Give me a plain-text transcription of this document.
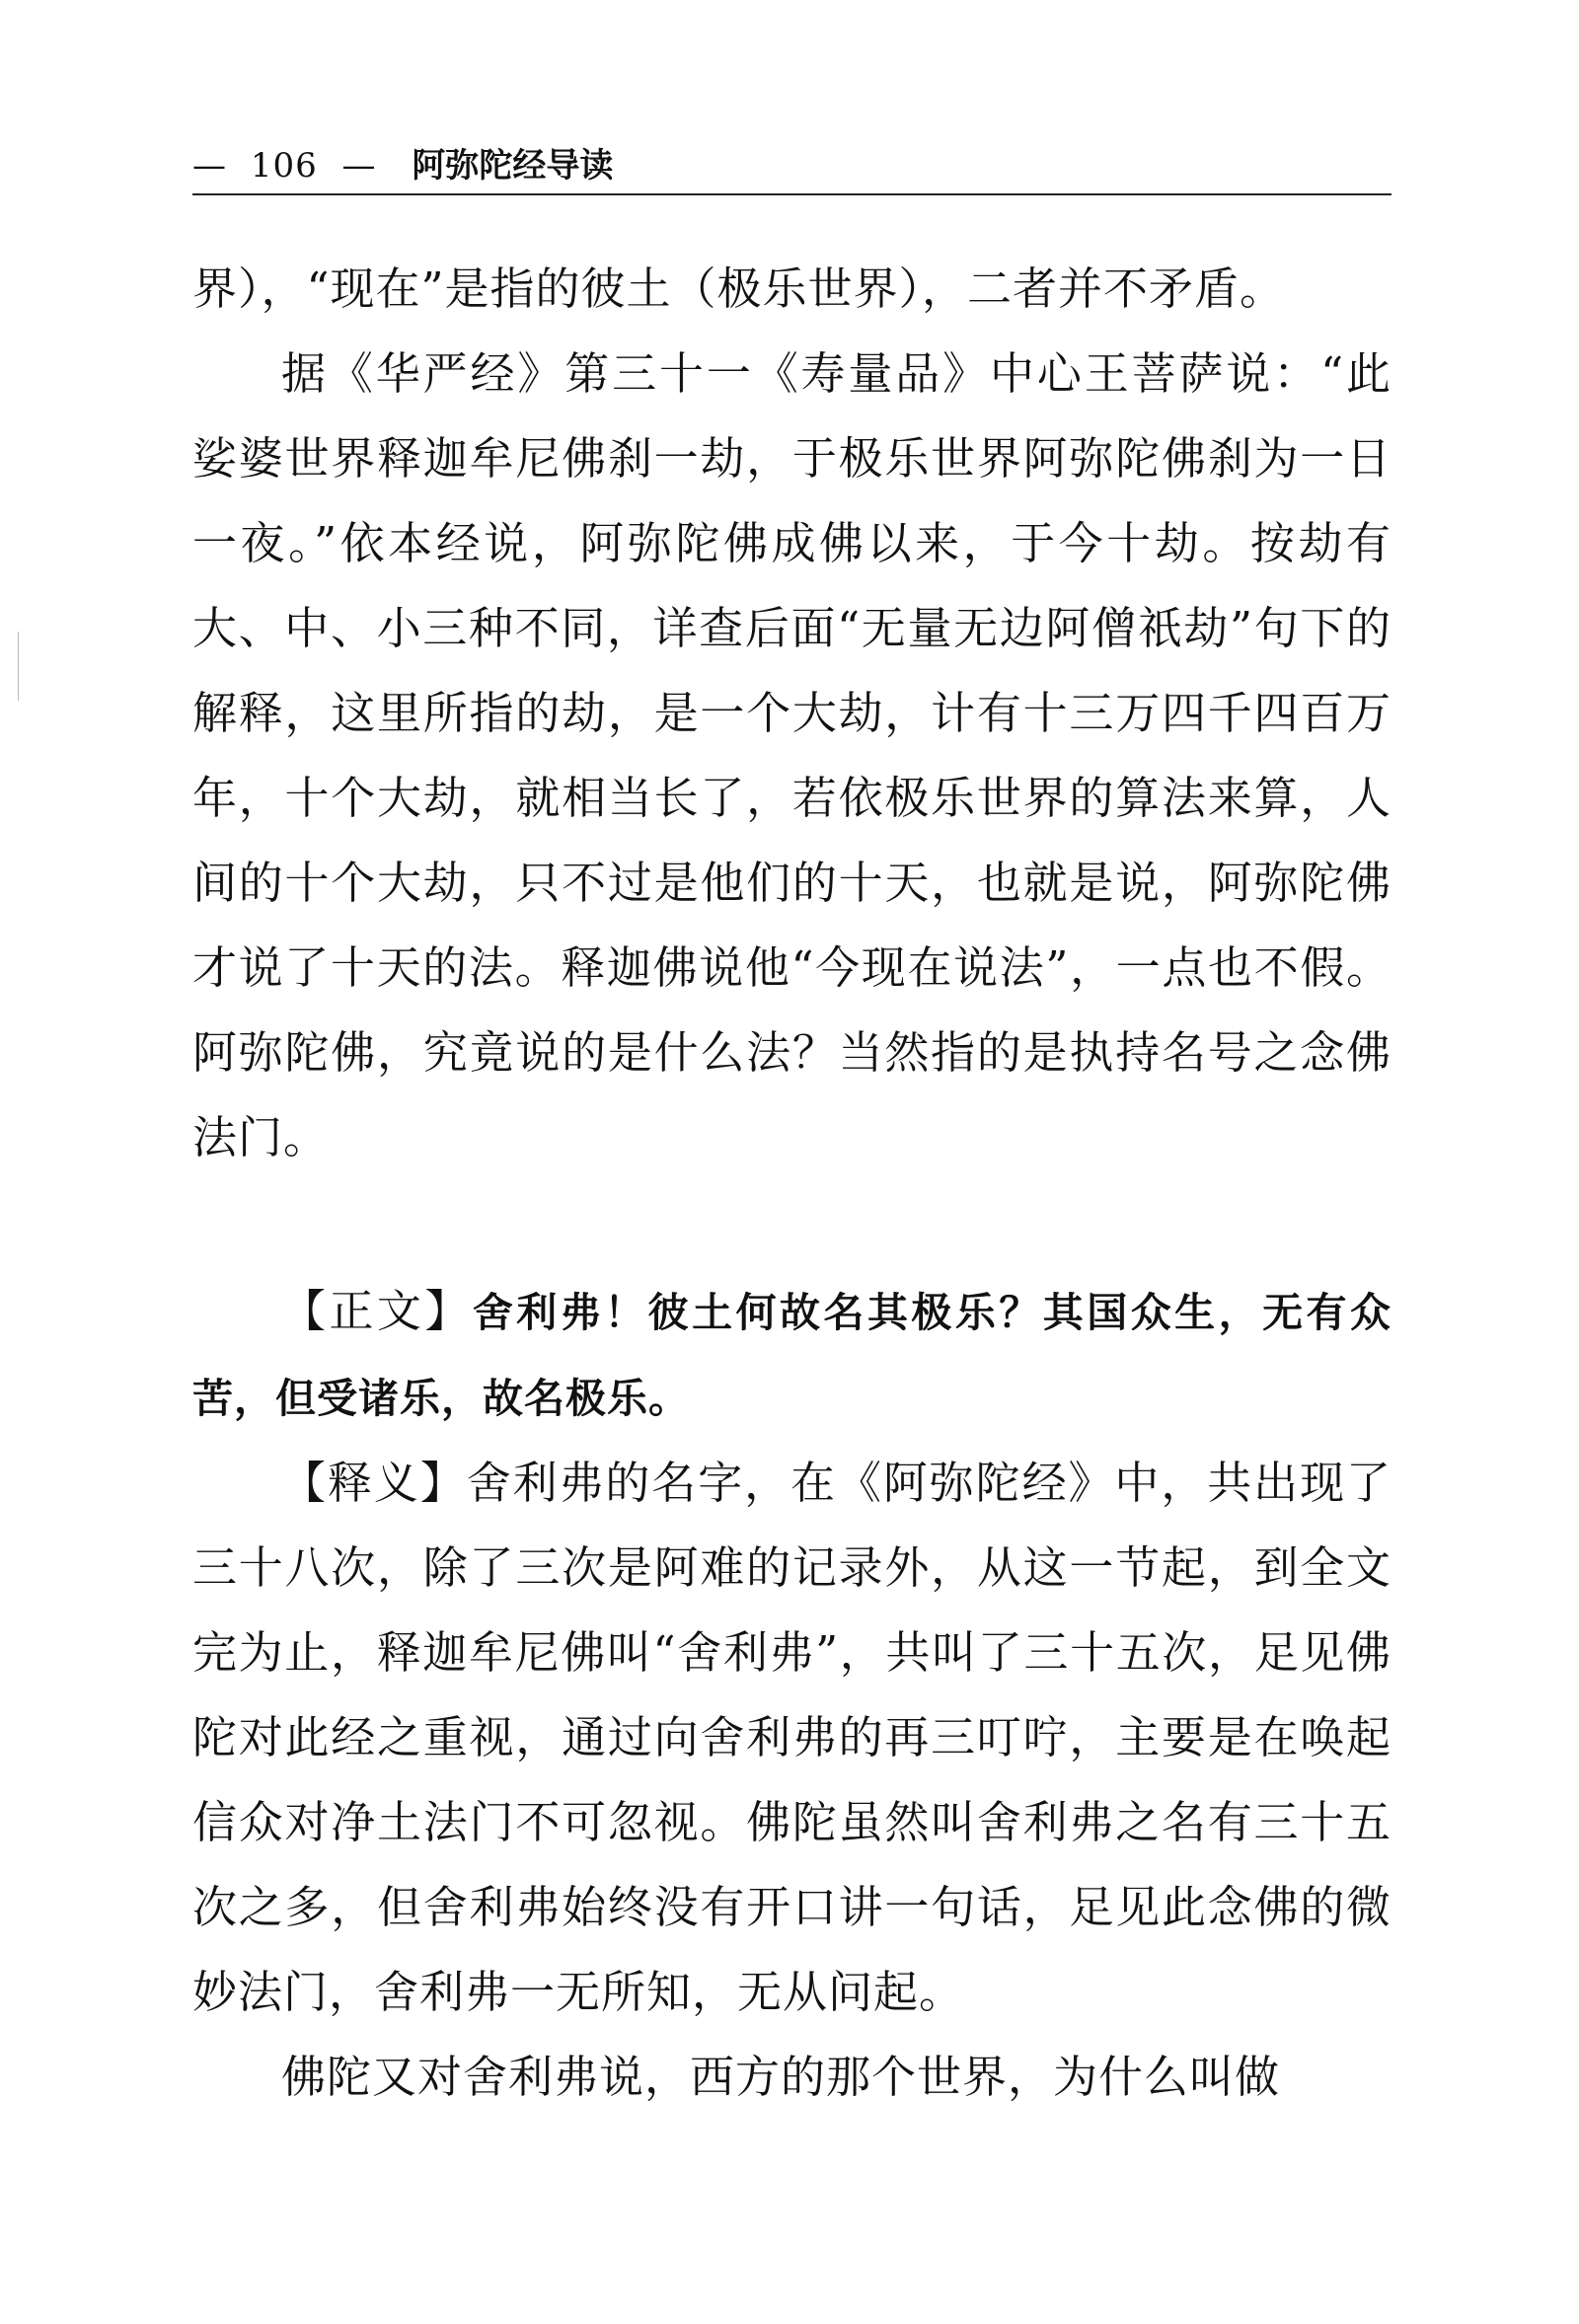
— 106 — 阿弥陀经导读

界），“现在”是指的彼土（极乐世界），二者并不矛盾。

据《华严经》第三十一《寿量品》中心王菩萨说：“此娑婆世界释迦牟尼佛刹一劫，于极乐世界阿弥陀佛刹为一日一夜。”依本经说，阿弥陀佛成佛以来，于今十劫。按劫有大、中、小三种不同，详查后面“无量无边阿僧祇劫”句下的解释，这里所指的劫，是一个大劫，计有十三万四千四百万年，十个大劫，就相当长了，若依极乐世界的算法来算，人间的十个大劫，只不过是他们的十天，也就是说，阿弥陀佛才说了十天的法。释迦佛说他“今现在说法”，一点也不假。阿弥陀佛，究竟说的是什么法？当然指的是执持名号之念佛法门。

【正文】舍利弗！彼土何故名其极乐？其国众生，无有众苦，但受诸乐，故名极乐。

【释义】舍利弗的名字，在《阿弥陀经》中，共出现了三十八次，除了三次是阿难的记录外，从这一节起，到全文完为止，释迦牟尼佛叫“舍利弗”，共叫了三十五次，足见佛陀对此经之重视，通过向舍利弗的再三叮咛，主要是在唤起信众对净土法门不可忽视。佛陀虽然叫舍利弗之名有三十五次之多，但舍利弗始终没有开口讲一句话，足见此念佛的微妙法门，舍利弗一无所知，无从问起。

佛陀又对舍利弗说，西方的那个世界，为什么叫做
